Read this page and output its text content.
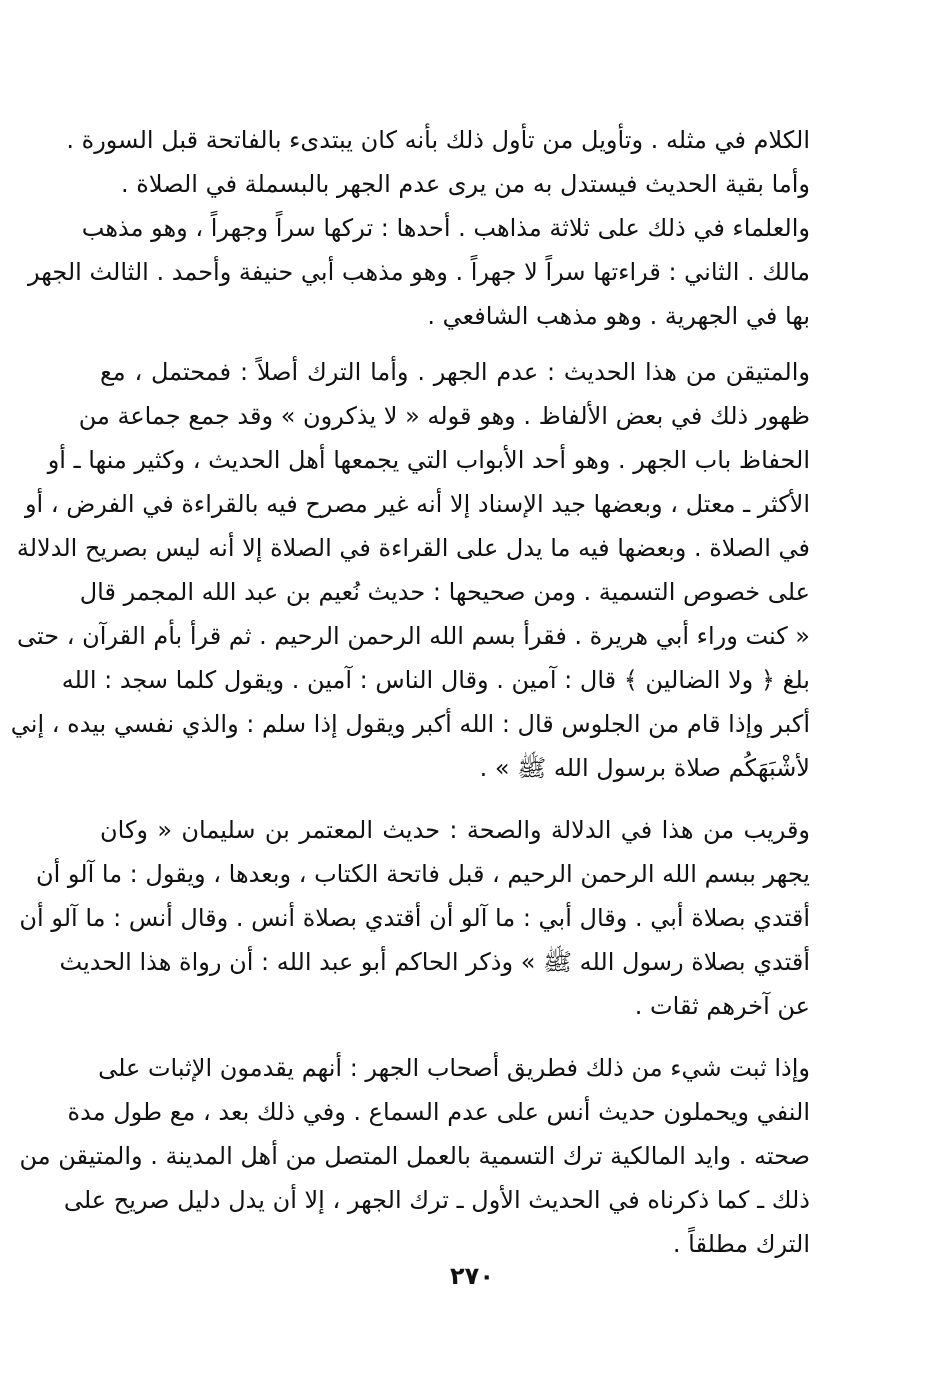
الكلام في مثله . وتأويل من تأول ذلك بأنه كان يبتدىء بالفاتحة قبل السورة .
وأما بقية الحديث فيستدل به من يرى عدم الجهر بالبسملة في الصلاة .
والعلماء في ذلك على ثلاثة مذاهب . أحدها : تركها سراً وجهراً ، وهو مذهب
مالك . الثاني : قراءتها سراً لا جهراً . وهو مذهب أبي حنيفة وأحمد . الثالث الجهر
بها في الجهرية . وهو مذهب الشافعي .
والمتيقن من هذا الحديث : عدم الجهر . وأما الترك أصلاً : فمحتمل ، مع
ظهور ذلك في بعض الألفاظ . وهو قوله « لا يذكرون » وقد جمع جماعة من
الحفاظ باب الجهر . وهو أحد الأبواب التي يجمعها أهل الحديث ، وكثير منها ـ أو
الأكثر ـ معتل ، وبعضها جيد الإسناد إلا أنه غير مصرح فيه بالقراءة في الفرض ، أو
في الصلاة . وبعضها فيه ما يدل على القراءة في الصلاة إلا أنه ليس بصريح الدلالة
على خصوص التسمية . ومن صحيحها : حديث نُعيم بن عبد الله المجمر قال
« كنت وراء أبي هريرة . فقرأ بسم الله الرحمن الرحيم . ثم قرأ بأم القرآن ، حتى
بلغ ﴿ ولا الضالين ﴾ قال : آمين . وقال الناس : آمين . ويقول كلما سجد : الله
أكبر وإذا قام من الجلوس قال : الله أكبر ويقول إذا سلم : والذي نفسي بيده ، إني
لأشْبَهَكُم صلاة برسول الله ﷺ » .
وقريب من هذا في الدلالة والصحة : حديث المعتمر بن سليمان « وكان
يجهر ببسم الله الرحمن الرحيم ، قبل فاتحة الكتاب ، وبعدها ، ويقول : ما آلو أن
أقتدي بصلاة أبي . وقال أبي : ما آلو أن أقتدي بصلاة أنس . وقال أنس : ما آلو أن
أقتدي بصلاة رسول الله ﷺ » وذكر الحاكم أبو عبد الله : أن رواة هذا الحديث
عن آخرهم ثقات .
وإذا ثبت شيء من ذلك فطريق أصحاب الجهر : أنهم يقدمون الإثبات على
النفي ويحملون حديث أنس على عدم السماع . وفي ذلك بعد ، مع طول مدة
صحته . وايد المالكية ترك التسمية بالعمل المتصل من أهل المدينة . والمتيقن من
ذلك ـ كما ذكرناه في الحديث الأول ـ ترك الجهر ، إلا أن يدل دليل صريح على
الترك مطلقاً .
٢٧٠
